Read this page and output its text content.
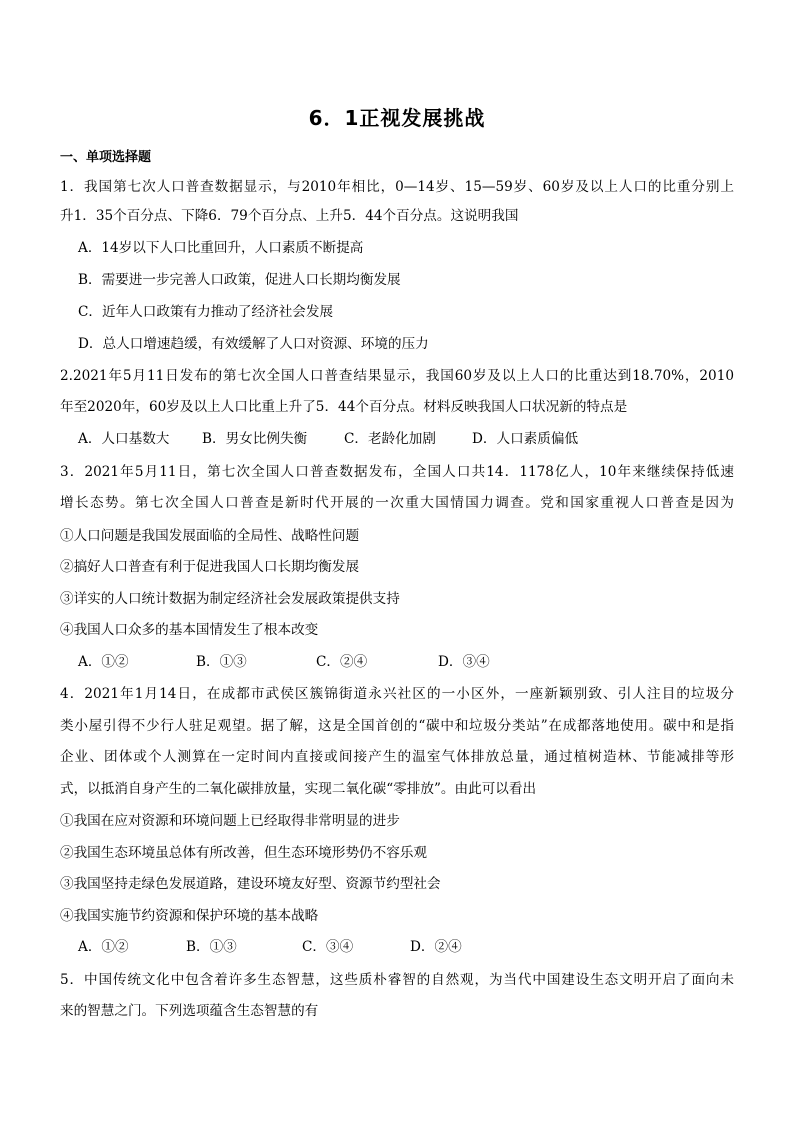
6．1正视发展挑战
一、单项选择题
1．我国第七次人口普查数据显示，与2010年相比，0—14岁、15—59岁、60岁及以上人口的比重分别上
升1．35个百分点、下降6．79个百分点、上升5．44个百分点。这说明我国
A．14岁以下人口比重回升，人口素质不断提高
B．需要进一步完善人口政策，促进人口长期均衡发展
C．近年人口政策有力推动了经济社会发展
D．总人口增速趋缓，有效缓解了人口对资源、环境的压力
2.2021年5月11日发布的第七次全国人口普查结果显示，我国60岁及以上人口的比重达到18.70%，2010
年至2020年，60岁及以上人口比重上升了5．44个百分点。材料反映我国人口状况新的特点是
A．人口基数大 B．男女比例失衡	C．老龄化加剧	D．人口素质偏低
3．2021年5月11日，第七次全国人口普查数据发布，全国人口共14．1178亿人，10年来继续保持低速
增长态势。第七次全国人口普查是新时代开展的一次重大国情国力调查。党和国家重视人口普查是因为
①人口问题是我国发展面临的全局性、战略性问题
②搞好人口普查有利于促进我国人口长期均衡发展
③详实的人口统计数据为制定经济社会发展政策提供支持
④我国人口众多的基本国情发生了根本改变
A．①②	B．①③	C．②④	D．③④
4．2021年1月14日，在成都市武侯区簇锦街道永兴社区的一小区外，一座新颖别致、引人注目的垃圾分
类小屋引得不少行人驻足观望。据了解，这是全国首创的“碳中和垃圾分类站”在成都落地使用。碳中和是指
企业、团体或个人测算在一定时间内直接或间接产生的温室气体排放总量，通过植树造林、节能减排等形
式，以抵消自身产生的二氧化碳排放量，实现二氧化碳“零排放”。由此可以看出
①我国在应对资源和环境问题上已经取得非常明显的进步
②我国生态环境虽总体有所改善，但生态环境形势仍不容乐观
③我国坚持走绿色发展道路，建设环境友好型、资源节约型社会
④我国实施节约资源和保护环境的基本战略
A．①②	B．①③	C．③④	D．②④
5．中国传统文化中包含着许多生态智慧，这些质朴睿智的自然观，为当代中国建设生态文明开启了面向未
来的智慧之门。下列选项蕴含生态智慧的有
